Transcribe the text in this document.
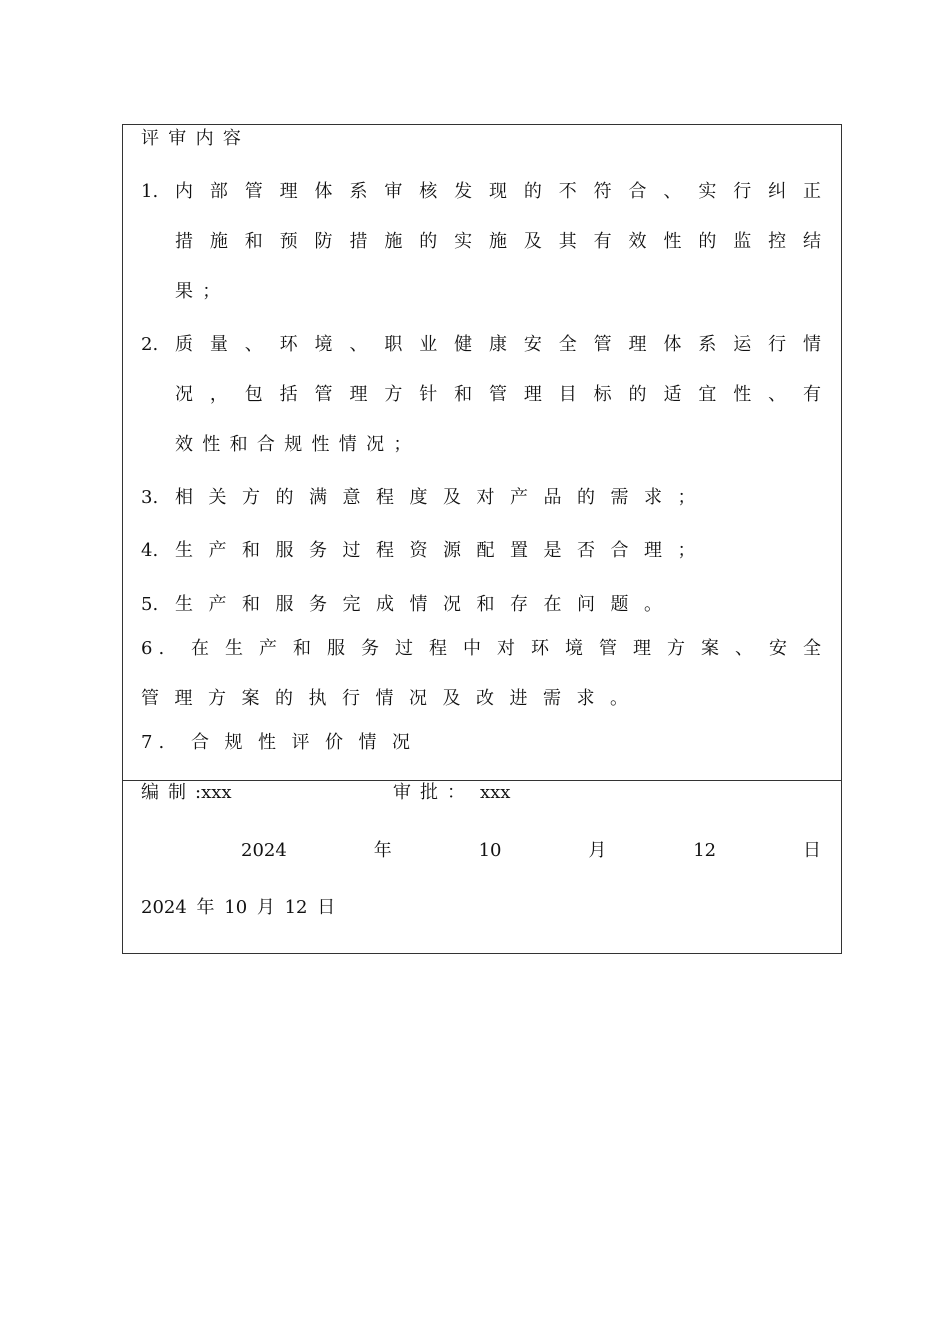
评审内容
1. 内部管理体系审核发现的不符合、实行纠正
措施和预防措施的实施及其有效性的监控结
果；
2. 质量、环境、职业健康安全管理体系运行情
况，包括管理方针和管理目标的适宜性、有
效性和合规性情况；
3. 相关方的满意程度及对产品的需求；
4. 生产和服务过程资源配置是否合理；
5. 生产和服务完成情况和存在问题。
6. 在生产和服务过程中对环境管理方案、安全
管理方案的执行情况及改进需求。
7. 合规性评价情况
编制:xxx	审批： xxx
2024	年	10	月	12	日
2024 年 10 月 12 日
